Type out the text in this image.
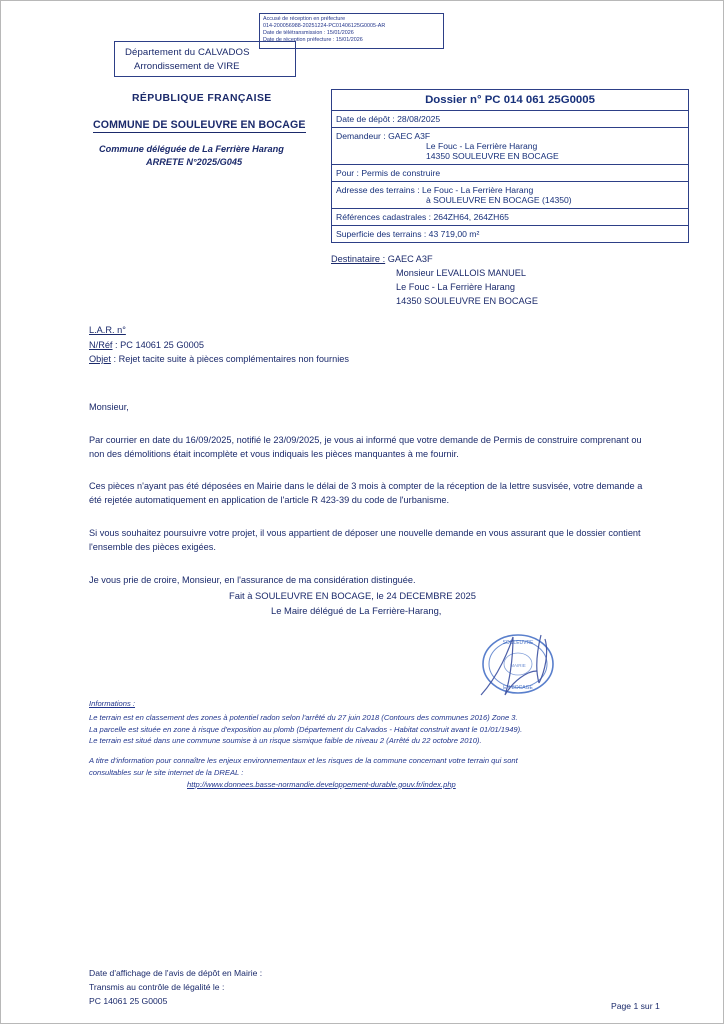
Accusé de réception en préfecture
014-200056988-20251224-PC01406125G0005-AR
Date de télétransmission : 15/01/2026
Date de réception préfecture : 15/01/2026
Département du CALVADOS
Arrondissement de VIRE
RÉPUBLIQUE FRANÇAISE
COMMUNE DE SOULEUVRE EN BOCAGE
Commune déléguée de La Ferrière Harang
ARRETE N°2025/G045
Dossier n° PC 014 061 25G0005
Date de dépôt : 28/08/2025
Demandeur : GAEC A3F
Le Fouc - La Ferrière Harang
14350 SOULEUVRE EN BOCAGE
Pour : Permis de construire
Adresse des terrains : Le Fouc - La Ferrière Harang
à SOULEUVRE EN BOCAGE (14350)
Références cadastrales : 264ZH64, 264ZH65
Superficie des terrains : 43 719,00 m²
Destinataire : GAEC A3F
Monsieur LEVALLOIS MANUEL
Le Fouc - La Ferrière Harang
14350 SOULEUVRE EN BOCAGE
L.A.R. n°
N/Réf : PC 14061 25 G0005
Objet : Rejet tacite suite à pièces complémentaires non fournies

Monsieur,

Par courrier en date du 16/09/2025, notifié le 23/09/2025, je vous ai informé que votre demande de Permis de construire comprenant ou non des démolitions était incomplète et vous indiquais les pièces manquantes à me fournir.

Ces pièces n'ayant pas été déposées en Mairie dans le délai de 3 mois à compter de la réception de la lettre susvisée, votre demande a été rejetée automatiquement en application de l'article R 423-39 du code de l'urbanisme.

Si vous souhaitez poursuivre votre projet, il vous appartient de déposer une nouvelle demande en vous assurant que le dossier contient l'ensemble des pièces exigées.

Je vous prie de croire, Monsieur, en l'assurance de ma considération distinguée.

Fait à SOULEUVRE EN BOCAGE, le 24 DECEMBRE 2025
Le Maire délégué de La Ferrière-Harang,
SOULEUVRE
EN BOCAGE
MAIRIE
Informations :
Le terrain est en classement des zones à potentiel radon selon l'arrêté du 27 juin 2018 (Contours des communes 2016) Zone 3.
La parcelle est située en zone à risque d'exposition au plomb (Département du Calvados - Habitat construit avant le 01/01/1949).
Le terrain est situé dans une commune soumise à un risque sismique faible de niveau 2 (Arrêté du 22 octobre 2010).
A titre d'information pour connaître les enjeux environnementaux et les risques de la commune concernant votre terrain qui sont
consultables sur le site internet de la DREAL :
http://www.donnees.basse-normandie.developpement-durable.gouv.fr/index.php
Date d'affichage de l'avis de dépôt en Mairie :
Transmis au contrôle de légalité le :
PC 14061 25 G0005
Page 1 sur 1
